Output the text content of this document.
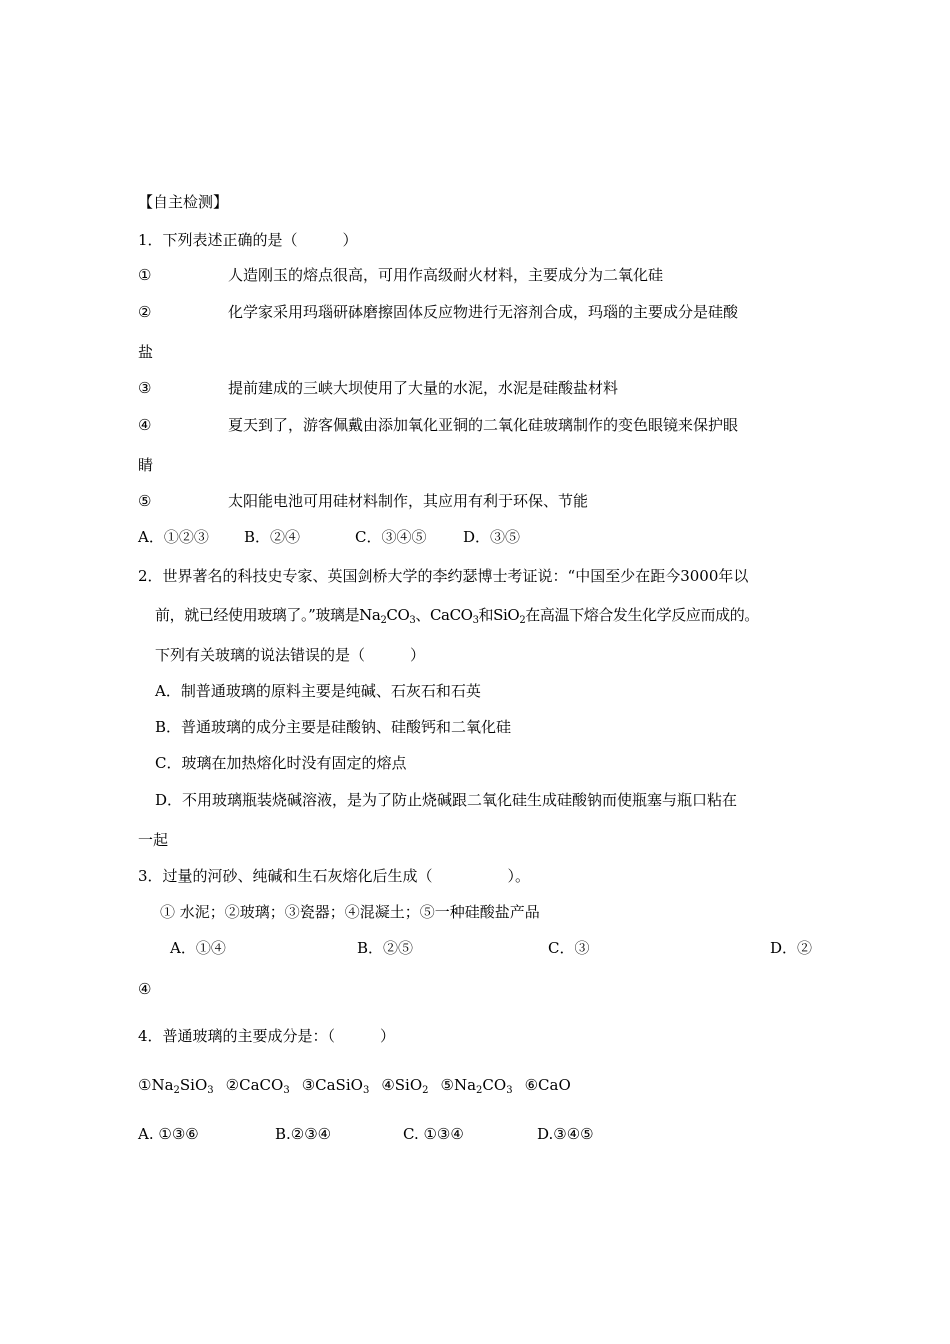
【自主检测】
1．下列表述正确的是（　　　）
①	人造刚玉的熔点很高，可用作高级耐火材料，主要成分为二氧化硅
②	化学家采用玛瑙研砵磨擦固体反应物进行无溶剂合成，玛瑙的主要成分是硅酸
盐
③	提前建成的三峡大坝使用了大量的水泥，水泥是硅酸盐材料
④	夏天到了，游客佩戴由添加氧化亚铜的二氧化硅玻璃制作的变色眼镜来保护眼
睛
⑤	太阳能电池可用硅材料制作，其应用有利于环保、节能
A．①②③ B．②④	C．③④⑤ D．③⑤
2．世界著名的科技史专家、英国剑桥大学的李约瑟博士考证说：“中国至少在距今3000年以
前，就已经使用玻璃了。”玻璃是$Na_2CO_3$、CaCO$_3$和SiO$_2$在高温下熔合发生化学反应而成的。
下列有关玻璃的说法错误的是（　　　）
A．制普通玻璃的原料主要是纯碱、石灰石和石英
B．普通玻璃的成分主要是硅酸钠、硅酸钙和二氧化硅
C．玻璃在加热熔化时没有固定的熔点
D．不用玻璃瓶装烧碱溶液，是为了防止烧碱跟二氧化硅生成硅酸钠而使瓶塞与瓶口粘在
一起
3．过量的河砂、纯碱和生石灰熔化后生成（　　　　　）。
① 水泥；②玻璃；③瓷器；④混凝土；⑤一种硅酸盐产品
A．①④	B．②⑤	C．③	D．②
④
4．普通玻璃的主要成分是：（　　　）
$①Na_2SiO_3$ ②CaCO$_3$ ③CaSiO$_3$ ④SiO$_2$ $⑤Na_2CO_3$ ⑥CaO
A. ①③⑥	B.②③④	C. ①③④	D.③④⑤
